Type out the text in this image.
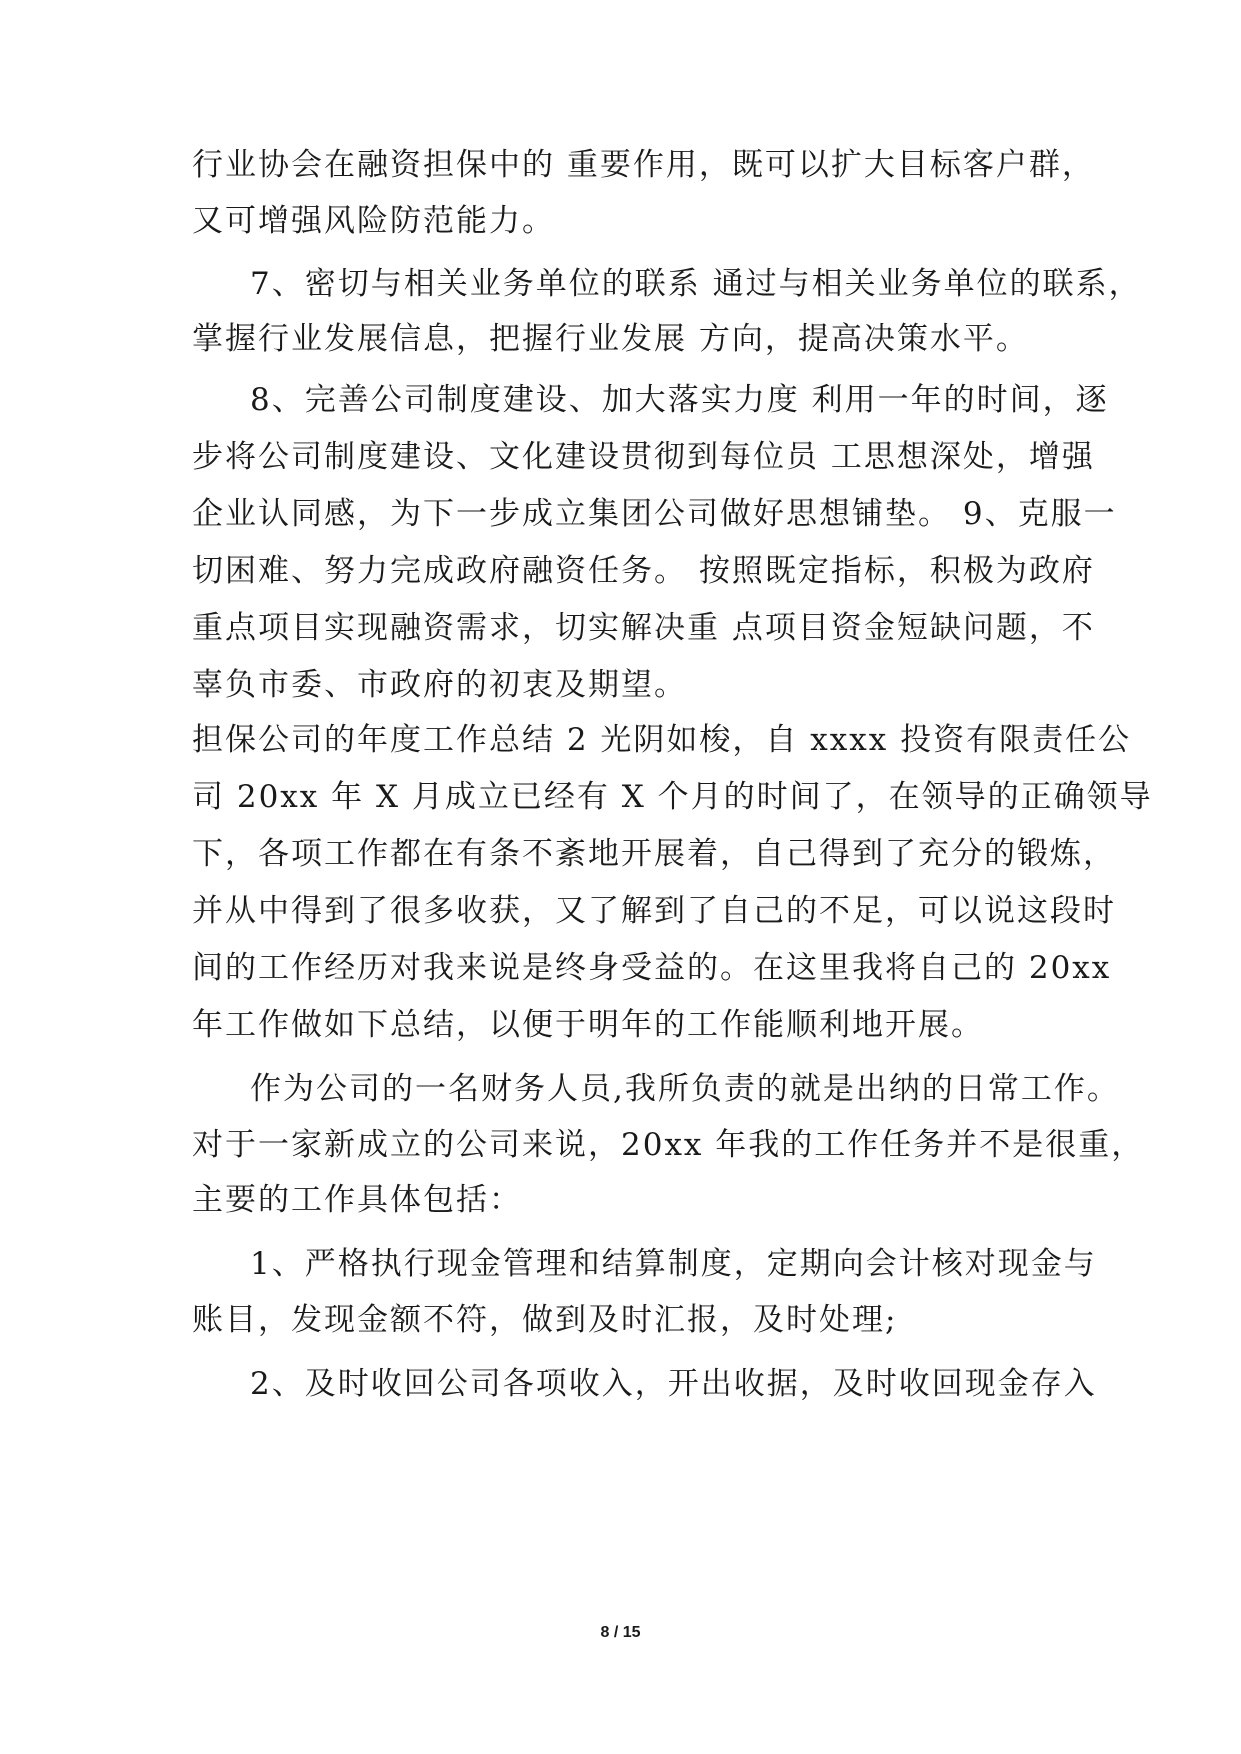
行业协会在融资担保中的 重要作用，既可以扩大目标客户群，
又可增强风险防范能力。
7、密切与相关业务单位的联系 通过与相关业务单位的联系，
掌握行业发展信息，把握行业发展 方向，提高决策水平。
8、完善公司制度建设、加大落实力度 利用一年的时间，逐
步将公司制度建设、文化建设贯彻到每位员 工思想深处，增强
企业认同感，为下一步成立集团公司做好思想铺垫。 9、克服一
切困难、努力完成政府融资任务。 按照既定指标，积极为政府
重点项目实现融资需求，切实解决重 点项目资金短缺问题，不
辜负市委、市政府的初衷及期望。
担保公司的年度工作总结 2 光阴如梭，自 xxxx 投资有限责任公
司 20xx 年 X 月成立已经有 X 个月的时间了，在领导的正确领导
下，各项工作都在有条不紊地开展着，自己得到了充分的锻炼，
并从中得到了很多收获，又了解到了自己的不足，可以说这段时
间的工作经历对我来说是终身受益的。在这里我将自己的 20xx
年工作做如下总结，以便于明年的工作能顺利地开展。
作为公司的一名财务人员,我所负责的就是出纳的日常工作。
对于一家新成立的公司来说，20xx 年我的工作任务并不是很重，
主要的工作具体包括：
1、严格执行现金管理和结算制度，定期向会计核对现金与
账目，发现金额不符，做到及时汇报，及时处理;
2、及时收回公司各项收入，开出收据，及时收回现金存入
8 / 15
